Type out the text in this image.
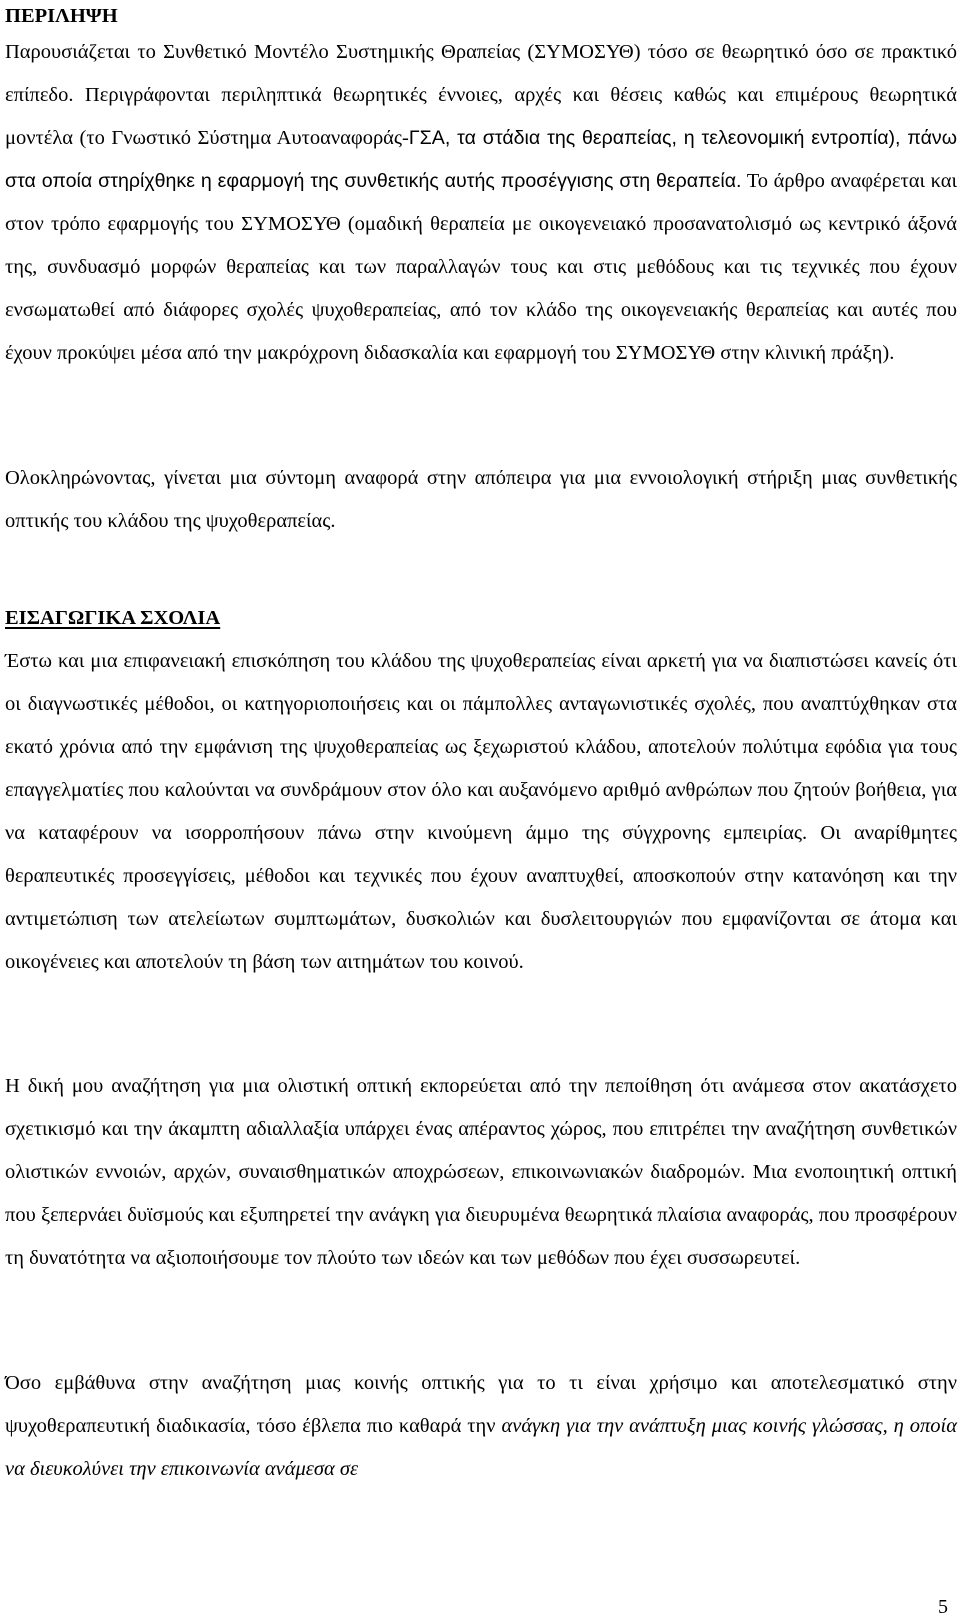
ΠΕΡΙΛΗΨΗ

Παρουσιάζεται το Συνθετικό Μοντέλο Συστημικής Θραπείας (ΣΥΜΟΣΥΘ) τόσο σε θεωρητικό όσο σε πρακτικό επίπεδο. Περιγράφονται περιληπτικά θεωρητικές έννοιες, αρχές και θέσεις καθώς και επιμέρους θεωρητικά μοντέλα (το Γνωστικό Σύστημα Αυτοαναφοράς-ΓΣΑ, τα στάδια της θεραπείας, η τελεονομική εντροπία), πάνω στα οποία στηρίχθηκε η εφαρμογή της συνθετικής αυτής προσέγγισης στη θεραπεία. Το άρθρο αναφέρεται και στον τρόπο εφαρμογής του ΣΥΜΟΣΥΘ (ομαδική θεραπεία με οικογενειακό προσανατολισμό ως κεντρικό άξονά της, συνδυασμό μορφών θεραπείας και των παραλλαγών τους και στις μεθόδους και τις τεχνικές που έχουν ενσωματωθεί από διάφορες σχολές ψυχοθεραπείας, από τον κλάδο της οικογενειακής θεραπείας και αυτές που έχουν προκύψει μέσα από την μακρόχρονη διδασκαλία και εφαρμογή του ΣΥΜΟΣΥΘ στην κλινική πράξη).

Ολοκληρώνοντας, γίνεται μια σύντομη αναφορά στην απόπειρα για μια εννοιολογική στήριξη μιας συνθετικής οπτικής του κλάδου της ψυχοθεραπείας.

ΕΙΣΑΓΩΓΙΚΑ ΣΧΟΛΙΑ

Έστω και μια επιφανειακή επισκόπηση του κλάδου της ψυχοθεραπείας είναι αρκετή για να διαπιστώσει κανείς ότι οι διαγνωστικές μέθοδοι, οι κατηγοριοποιήσεις και οι πάμπολλες ανταγωνιστικές σχολές, που αναπτύχθηκαν στα εκατό χρόνια από την εμφάνιση της ψυχοθεραπείας ως ξεχωριστού κλάδου, αποτελούν πολύτιμα εφόδια για τους επαγγελματίες που καλούνται να συνδράμουν στον όλο και αυξανόμενο αριθμό ανθρώπων που ζητούν βοήθεια, για να καταφέρουν να ισορροπήσουν πάνω στην κινούμενη άμμο της σύγχρονης εμπειρίας. Οι αναρίθμητες θεραπευτικές προσεγγίσεις, μέθοδοι και τεχνικές που έχουν αναπτυχθεί, αποσκοπούν στην κατανόηση και την αντιμετώπιση των ατελείωτων συμπτωμάτων, δυσκολιών και δυσλειτουργιών που εμφανίζονται σε άτομα και οικογένειες και αποτελούν τη βάση των αιτημάτων του κοινού.

Η δική μου αναζήτηση για μια ολιστική οπτική εκπορεύεται από την πεποίθηση ότι ανάμεσα στον ακατάσχετο σχετικισμό και την άκαμπτη αδιαλλαξία υπάρχει ένας απέραντος χώρος, που επιτρέπει την αναζήτηση συνθετικών ολιστικών εννοιών, αρχών, συναισθηματικών αποχρώσεων, επικοινωνιακών διαδρομών. Μια ενοποιητική οπτική που ξεπερνάει δυϊσμούς και εξυπηρετεί την ανάγκη για διευρυμένα θεωρητικά πλαίσια αναφοράς, που προσφέρουν τη δυνατότητα να αξιοποιήσουμε τον πλούτο των ιδεών και των μεθόδων που έχει συσσωρευτεί.

Όσο εμβάθυνα στην αναζήτηση μιας κοινής οπτικής για το τι είναι χρήσιμο και αποτελεσματικό στην ψυχοθεραπευτική διαδικασία, τόσο έβλεπα πιο καθαρά την ανάγκη για την ανάπτυξη μιας κοινής γλώσσας, η οποία να διευκολύνει την επικοινωνία ανάμεσα σε

5
